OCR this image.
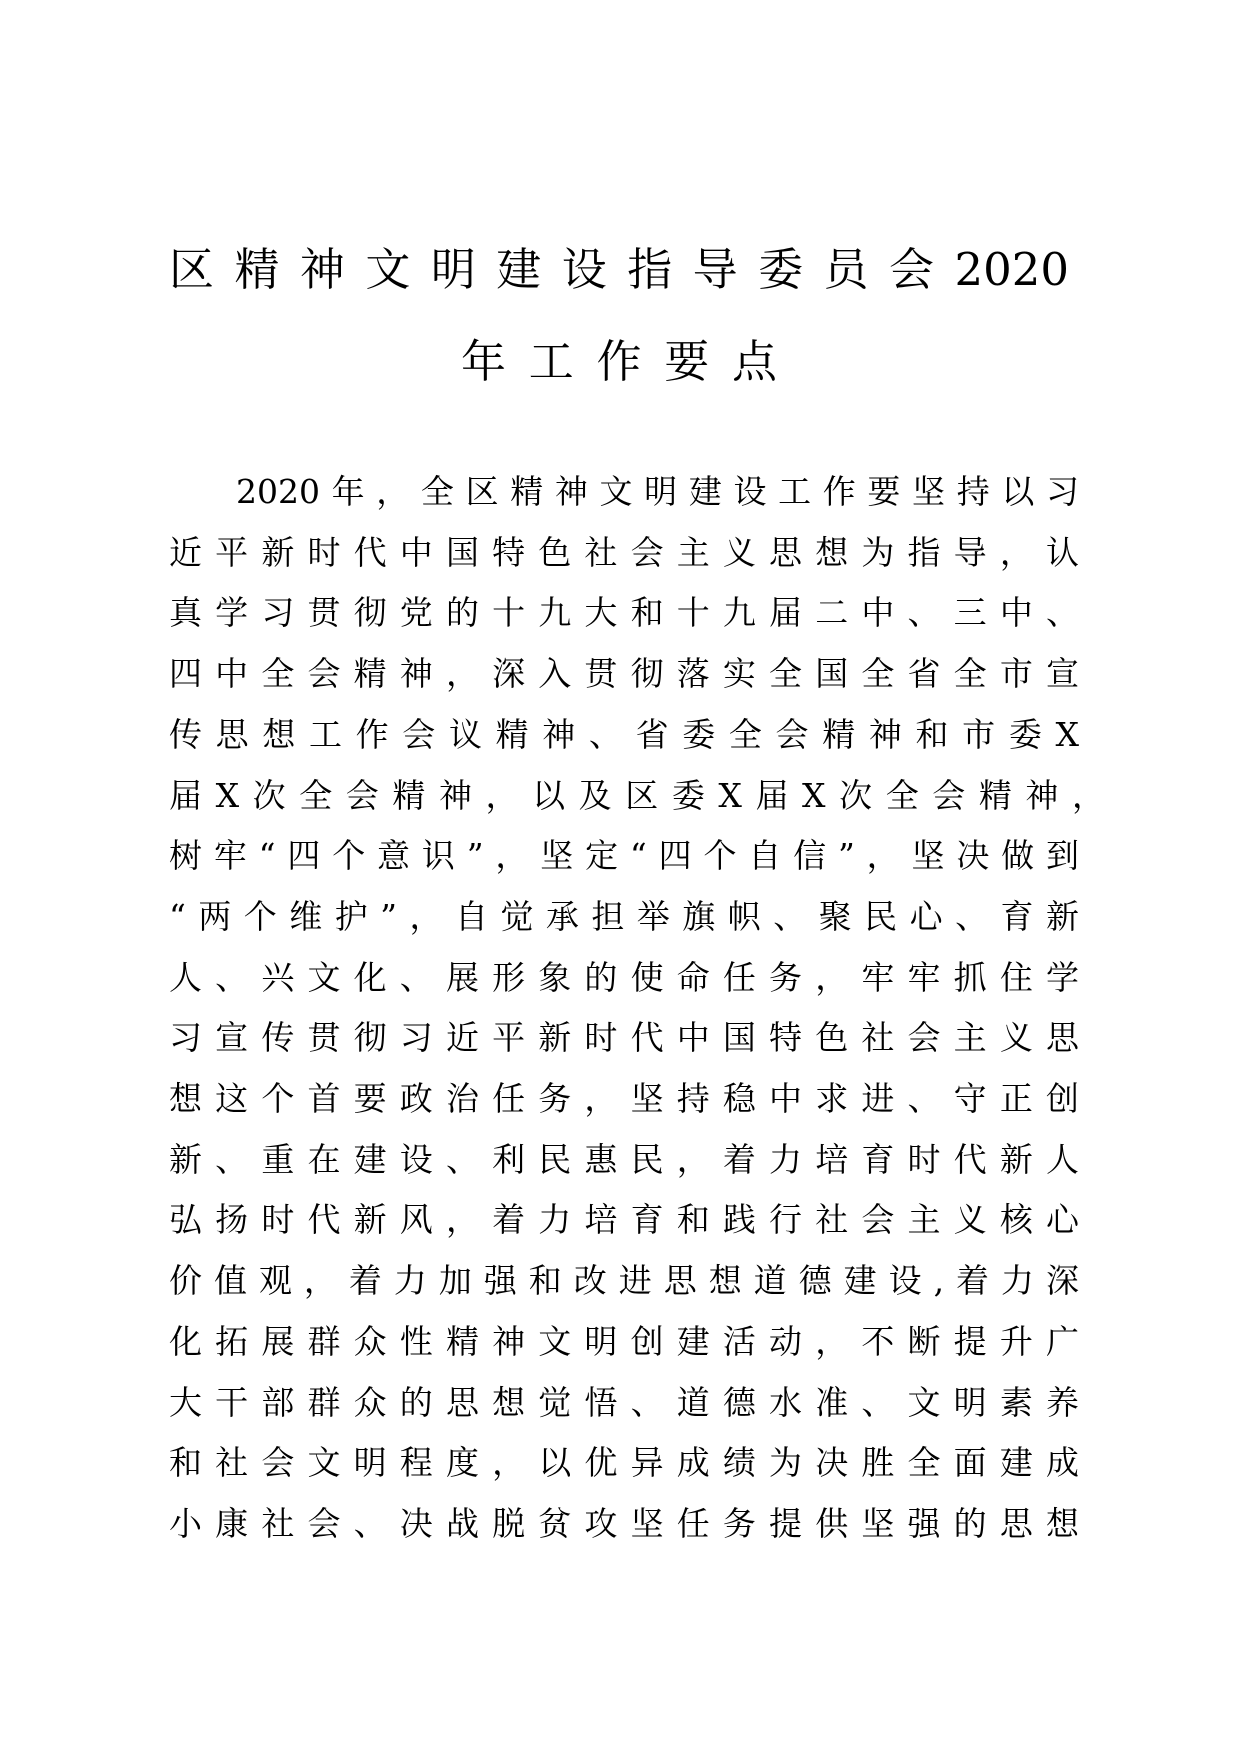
区精神文明建设指导委员会2020
年工作要点
2020年，全区精神文明建设工作要坚持以习
近平新时代中国特色社会主义思想为指导，认
真学习贯彻党的十九大和十九届二中、三中、
四中全会精神，深入贯彻落实全国全省全市宣
传思想工作会议精神、省委全会精神和市委X
届X次全会精神，以及区委X届X次全会精神，
树牢“四个意识”，坚定“四个自信”，坚决做到
“两个维护”，自觉承担举旗帜、聚民心、育新
人、兴文化、展形象的使命任务，牢牢抓住学
习宣传贯彻习近平新时代中国特色社会主义思
想这个首要政治任务，坚持稳中求进、守正创
新、重在建设、利民惠民，着力培育时代新人
弘扬时代新风，着力培育和践行社会主义核心
价值观，着力加强和改进思想道德建设,着力深
化拓展群众性精神文明创建活动，不断提升广
大干部群众的思想觉悟、道德水准、文明素养
和社会文明程度，以优异成绩为决胜全面建成
小康社会、决战脱贫攻坚任务提供坚强的思想
